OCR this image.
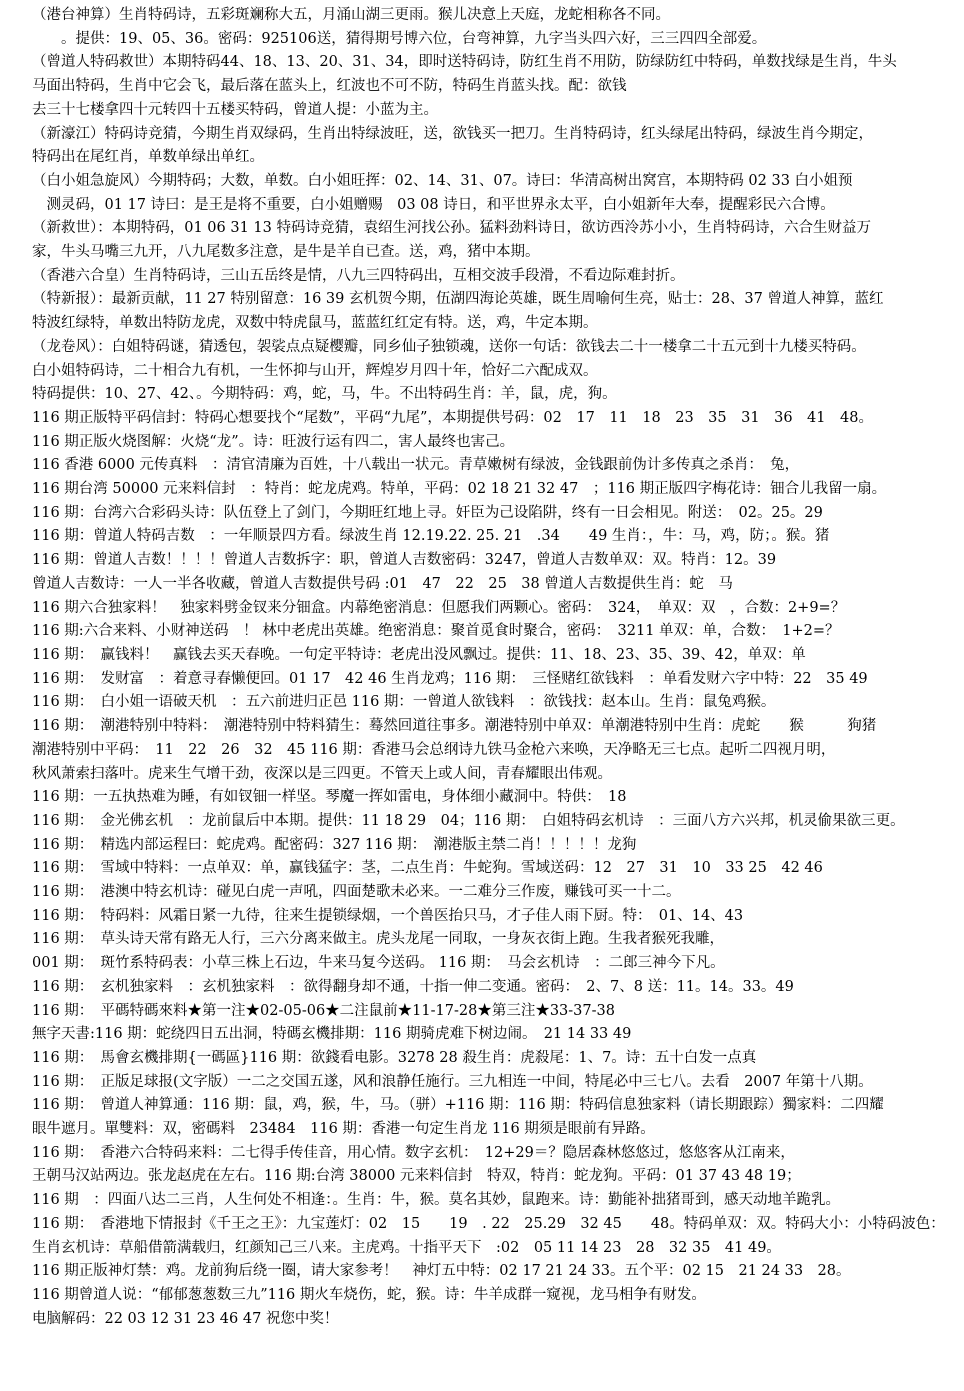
（港台神算）生肖特码诗，五彩斑斓称大五，月涌山湖三更雨。猴儿决意上天庭，龙蛇相称各不同。
　　。提供：19、05、36。密码：925106送，猜得期号博六位，台弯神算，九字当头四六好，三三四四全部爱。
（曾道人特码救世）本期特码44、18、13、20、31、34，即时送特码诗，防红生肖不用防，防绿防红中特码，单数找绿是生肖，牛头
马面出特码，生肖中它会飞，最后落在蓝头上，红波也不可不防，特码生肖蓝头找。配：欲钱
去三十七楼拿四十元转四十五楼买特码，曾道人提：小蓝为主。
（新濠江）特码诗竞猜，今期生肖双绿码，生肖出特绿波旺，送，欲钱买一把刀。生肖特码诗，红头绿尾出特码，绿波生肖今期定，
特码出在尾红肖，单数单绿出单红。
（白小姐急旋风）今期特码；大数，单数。白小姐旺挥：02、14、31、07。诗曰：华清高树出窝宫，本期特码 02 33 白小姐预
　测灵码，01 17 诗曰：是王是将不重要，白小姐赠赐　03 08 诗日，和平世界永太平，白小姐新年大奉，提醒彩民六合博。
（新救世）：本期特码，01 06 31 13 特码诗竞猜，袁绍生河找公孙。猛料劲料诗日，欲访西泠苏小小，生肖特码诗，六合生财益万
家，牛头马嘴三九开，八九尾数多注意，是牛是羊自已查。送，鸡，猪中本期。
（香港六合皇）生肖特码诗，三山五岳终是情，八九三四特码出，互相交波手段滑，不看边际难封折。
（特新报）：最新贡献，11 27 特别留意：16 39 玄机贺今期，伍湖四海论英雄，既生周喻何生亮，贴士：28、37 曾道人神算，蓝红
特波红绿特，单数出特防龙虎，双数中特虎鼠马，蓝蓝红红定有特。送，鸡，牛定本期。
（龙卷风）：白姐特码谜，猜透包，袈裟点点疑樱瓣，同乡仙子独锁魂，送你一句话：欲钱去二十一楼拿二十五元到十九楼买特码。
白小姐特码诗，二十相合九有机，一生怀抑与山开，辉煌岁月四十年，恰好二六配成双。
特码提供：10、27、42、。今期特码：鸡，蛇，马，牛。不出特码生肖：羊，鼠，虎，狗。
116 期正版特平码信封：特码心想要找个“尾数”，平码“九尾”，本期提供号码：02　17　11　18　23　35　31　36　41　48。
116 期正版火烧图解：火烧“龙”。诗：旺波行运有四二，害人最终也害己。
116 香港 6000 元传真料　：清官清廉为百姓，十八载出一状元。青草嫩树有绿波，金钱跟前伪计多传真之杀肖：　兔，
116 期台湾 50000 元来料信封　：特肖：蛇龙虎鸡。特单，平码：02 18 21 32 47　；116 期正版四字梅花诗：钿合儿我留一扇。
116 期：台湾六合彩码头诗：队伍登上了剑门，今期旺红地上寻。奸臣为己设陷阱，终有一日会相见。附送：　02。25。29
116 期：曾道人特码吉数　：一年顺景四方看。绿波生肖 12.19.22. 25. 21　.34　　49 生肖：，牛：马，鸡，防；。猴。猪
116 期：曾道人吉数！！！！曾道人吉数拆字：职，曾道人吉数密码：3247，曾道人吉数单双：双。特肖：12。39
曾道人吉数诗：一人一半各收藏，曾道人吉数提供号码 :01　47　22　25　38 曾道人吉数提供生肖：蛇　马
116 期六合独家料！　独家料劈金钗来分钿盒。内幕绝密消息：但愿我们两颗心。密码：　324，　单双：双　，合数：2+9=？
116 期:六合来料、小财神送码　！ 林中老虎出英雄。绝密消息：聚首觅食时聚合，密码：　3211 单双：单，合数：　1+2=？
116 期：　赢钱料！　赢钱去买天春晚。一句定平特诗：老虎出没风飘过。提供：11、18、23、35、39、42，单双：单
116 期：　发财富　：着意寻春懒便回。01 17　42 46 生肖龙鸡；116 期：　三怪赌红欲钱料　：单看发财六字中特：22　35 49
116 期：　白小姐一语破天机　：五六前进归正邑 116 期：一曾道人欲钱料　：欲钱找：赵本山。生肖：鼠兔鸡猴。
116 期：　潮港特别中特料：　潮港特别中特料猜生：蓦然回道往事多。潮港特别中单双：单潮港特别中生肖：虎蛇　　猴　　　狗猪
潮港特别中平码：　11　22　26　32　45 116 期：香港马会总纲诗九铁马金枪六来唤，天净略无三七点。起听二四视月明，
秋风萧索扫落叶。虎来生气增干劲，夜深以是三四更。不管天上或人间，青春耀眼出伟观。
116 期：一五执热难为睡，有如钗钿一样坚。琴魔一挥如雷电，身体细小藏洞中。特供：　18
116 期：　金光佛玄机　：龙前鼠后中本期。提供：11 18 29　04；116 期：　白姐特码玄机诗　：三面八方六兴邦，机灵偷果欲三更。
116 期：　精选内部运程曰：蛇虎鸡。配密码：327 116 期：　潮港版主禁二肖！！！！！龙狗
116 期：　雪域中特料：一点单双：单，赢钱猛字：茎，二点生肖：牛蛇狗。雪域送码：12　27　31　10　33 25　42 46
116 期：　港澳中特玄机诗：碰见白虎一声吼，四面楚歌未必来。一二难分三作废，赚钱可买一十二。
116 期：　特码料：风霜日紧一九待，往来生提锁绿烟，一个兽医抬只马，才子佳人雨下厨。特：　01、14、43
116 期：　草头诗天常有路无人行，三六分离来做主。虎头龙尾一同取，一身灰衣街上跑。生我者猴死我雕，
001 期：　斑竹系特码表：小草三株上石边，牛来马复今送码。 116 期：　马会玄机诗　：二郎三神今下凡。
116 期：　玄机独家料　：玄机独家料　：欲得翻身却不通，十指一伸二变通。密码：　2、7、8 送：11。14。33。49
116 期：　平碼特碼來料★第一注★02-05-06★二注鼠前★11-17-28★第三注★33-37-38
無字天書:116 期：蛇绕四日五出洞，特碼玄機排期：116 期骑虎难下树边闹。　21 14 33 49
116 期：　馬會玄機排期{一碼區}116 期：欲錢看电影。3278 28 殺生肖：虎殺尾：1、7。诗：五十白发一点真
116 期：　正版足球报(文字版）一二之交国五遂，风和浪静任施行。三九相连一中间，特尾必中三七八。去看　2007 年第十八期。
116 期：　曾道人神算通：116 期：鼠，鸡，猴，牛，马。（骈）+116 期：116 期：特码信息独家料（请长期跟踪）獨家料：二四耀
眼牛遮月。單雙料：双，密碼料　23484　116 期：香港一句定生肖龙 116 期须是眼前有异路。
116 期：　香港六合特码来料：二七得手传佳音，用心情。数字玄机：　12+29＝？隐居森林悠悠过，悠悠客从江南来，
王朝马汉站两边。张龙赵虎在左右。116 期:台湾 38000 元来料信封　特双，特肖：蛇龙狗。平码：01 37 43 48 19；
116 期　：四面八达二三肖，人生何处不相逢：。生肖：牛，猴。莫名其妙，鼠跑来。诗：勤能补拙猪哥到，感天动地羊跪乳。
116 期：　香港地下情报封《千王之王》：九宝莲灯：02　15　　19　. 22　25.29　32 45　　48。特码单双：双。特码大小：小特码波色：
生肖玄机诗：草船借箭满载归，红颜知己三八来。主虎鸡。十指平天下　:02　05 11 14 23　28　32 35　41 49。
116 期正版神灯禁：鸡。龙前狗后绕一圈，请大家参考！　神灯五中特：02 17 21 24 33。五个平：02 15　21 24 33　28。
116 期曾道人说：“郁郁葱葱数三九”116 期火车烧伤，蛇，猴。诗：牛羊成群一窥视，龙马相争有财发。
电脑解码：22 03 12 31 23 46 47 祝您中奖！
